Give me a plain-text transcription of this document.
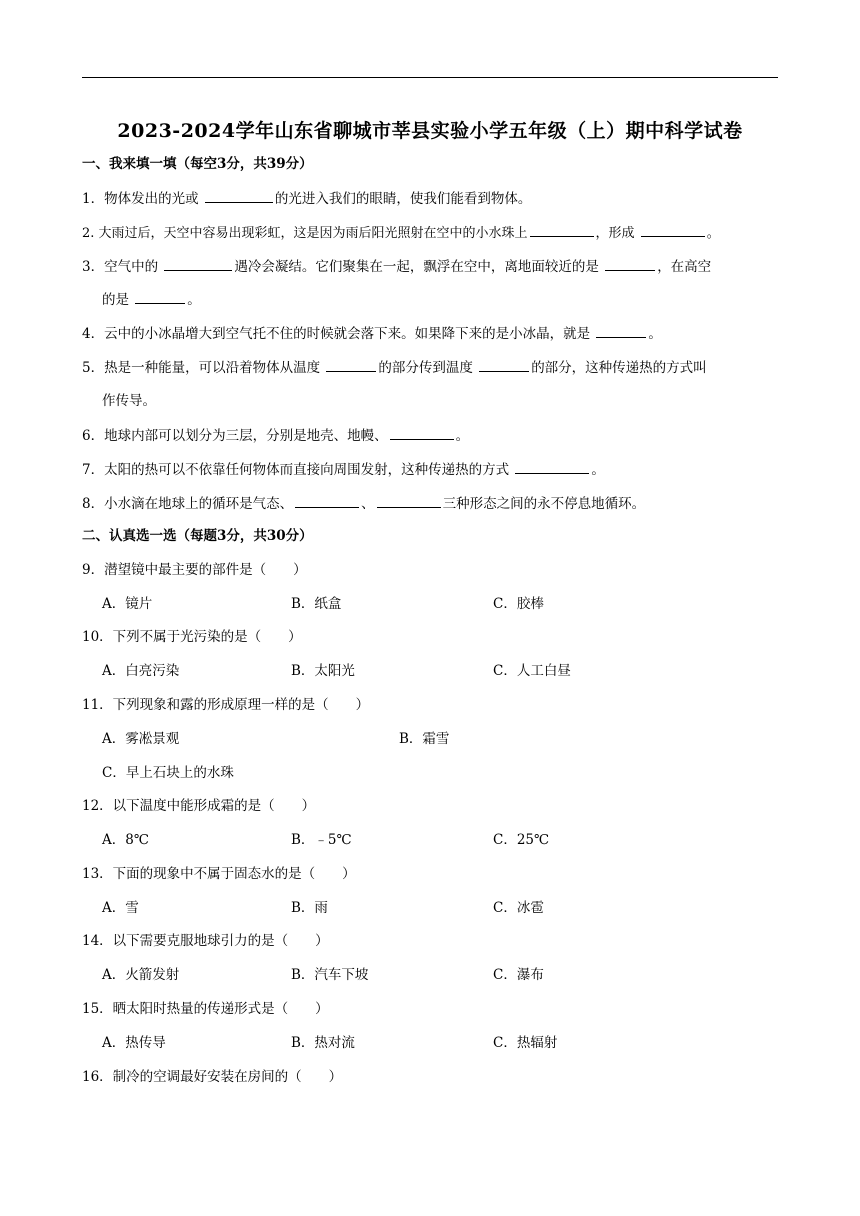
2023-2024学年山东省聊城市莘县实验小学五年级（上）期中科学试卷
一、我来填一填（每空3分，共39分）
1．物体发出的光或	的光进入我们的眼睛，使我们能看到物体。
2. 大雨过后，天空中容易出现彩虹，这是因为雨后阳光照射在空中的小水珠上	，形成	。
3．空气中的	遇冷会凝结。它们聚集在一起，飘浮在空中，离地面较近的是	，在高空
的是	。
4．云中的小冰晶增大到空气托不住的时候就会落下来。如果降下来的是小冰晶，就是	。
5．热是一种能量，可以沿着物体从温度	的部分传到温度	的部分，这种传递热的方式叫
作传导。
6．地球内部可以划分为三层，分别是地壳、地幔、	。
7．太阳的热可以不依靠任何物体而直接向周围发射，这种传递热的方式	。
8．小水滴在地球上的循环是气态、	、	三种形态之间的永不停息地循环。
二、认真选一选（每题3分，共30分）
9．潜望镜中最主要的部件是（　　）
A．镜片	B．纸盒	C．胶棒
10．下列不属于光污染的是（　　）
A．白亮污染	B．太阳光	C．人工白昼
11．下列现象和露的形成原理一样的是（　　）
A．雾凇景观	B．霜雪
C．早上石块上的水珠
12．以下温度中能形成霜的是（　　）
A．8℃	B．﹣5℃	C．25℃
13．下面的现象中不属于固态水的是（　　）
A．雪	B．雨	C．冰雹
14．以下需要克服地球引力的是（　　）
A．火箭发射	B．汽车下坡	C．瀑布
15．晒太阳时热量的传递形式是（　　）
A．热传导	B．热对流	C．热辐射
16．制冷的空调最好安装在房间的（　　）
